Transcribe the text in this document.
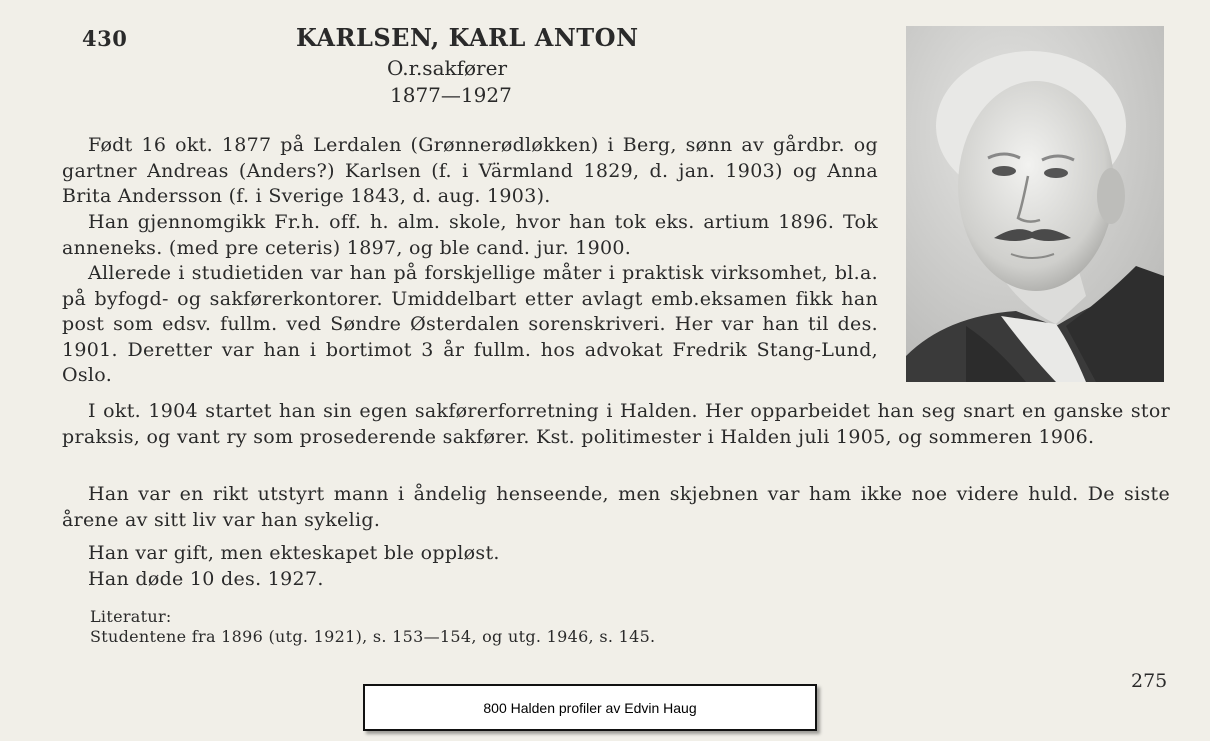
430	KARLSEN, KARL ANTON
O.r.sakfører
1877—1927

Født 16 okt. 1877 på Lerdalen (Grønnerødløkken) i Berg, sønn av gårdbr. og gartner Andreas (Anders?) Karlsen (f. i Värmland 1829, d. jan. 1903) og Anna Brita Andersson (f. i Sverige 1843, d. aug. 1903).

Han gjennomgikk Fr.h. off. h. alm. skole, hvor han tok eks. artium 1896. Tok anneneks. (med pre ceteris) 1897, og ble cand. jur. 1900.

Allerede i studietiden var han på forskjellige måter i praktisk virksomhet, bl.a. på byfogd- og sakførerkontorer. Umiddelbart etter avlagt emb.eksamen fikk han post som edsv. fullm. ved Søndre Østerdalen sorenskriveri. Her var han til des. 1901. Deretter var han i bortimot 3 år fullm. hos advokat Fredrik Stang-Lund, Oslo.

I okt. 1904 startet han sin egen sakførerforretning i Halden. Her opparbeidet han seg snart en ganske stor praksis, og vant ry som prosederende sakfører. Kst. politimester i Halden juli 1905, og sommeren 1906.

Han var en rikt utstyrt mann i åndelig henseende, men skjebnen var ham ikke noe videre huld. De siste årene av sitt liv var han sykelig.

Han var gift, men ekteskapet ble oppløst.

Han døde 10 des. 1927.

Literatur:
Studentene fra 1896 (utg. 1921), s. 153—154, og utg. 1946, s. 145.
275
800 Halden profiler av Edvin Haug
